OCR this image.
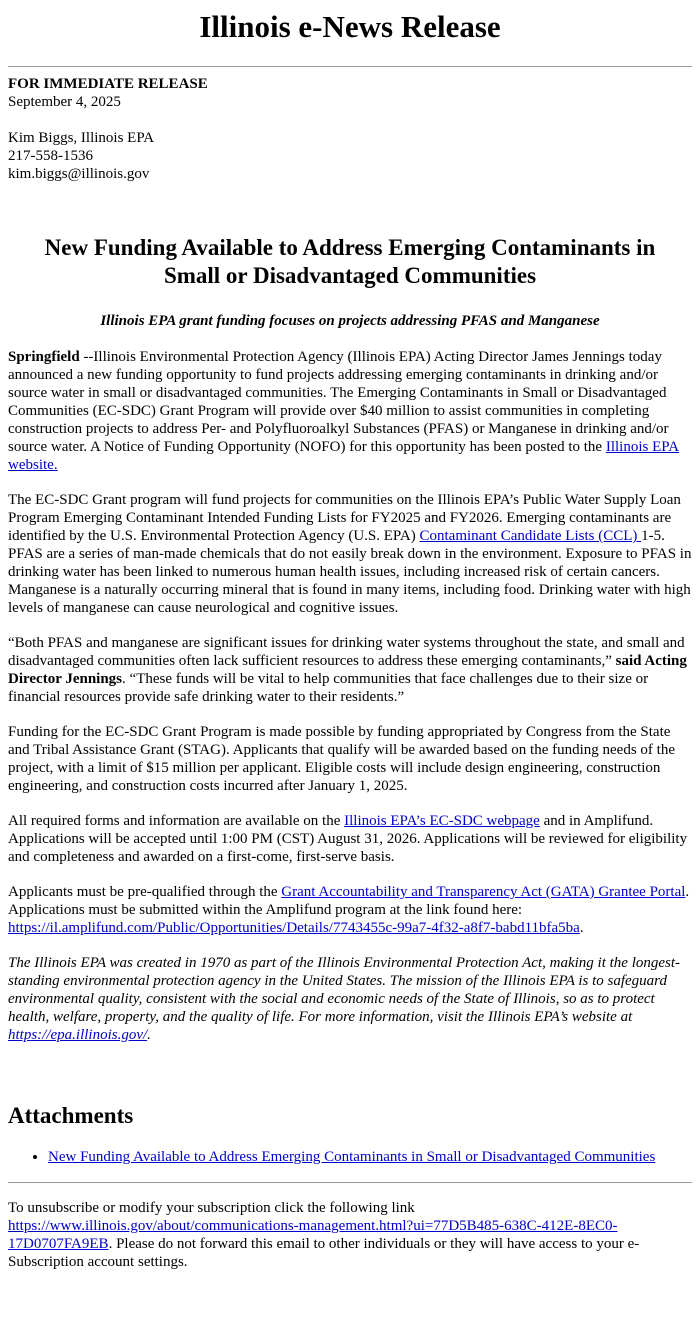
Illinois e-News Release
FOR IMMEDIATE RELEASE
September 4, 2025
Kim Biggs, Illinois EPA
217-558-1536
kim.biggs@illinois.gov
New Funding Available to Address Emerging Contaminants in Small or Disadvantaged Communities

Illinois EPA grant funding focuses on projects addressing PFAS and Manganese

Springfield --Illinois Environmental Protection Agency (Illinois EPA) Acting Director James Jennings today announced a new funding opportunity to fund projects addressing emerging contaminants in drinking and/or source water in small or disadvantaged communities. The Emerging Contaminants in Small or Disadvantaged Communities (EC-SDC) Grant Program will provide over $40 million to assist communities in completing construction projects to address Per- and Polyfluoroalkyl Substances (PFAS) or Manganese in drinking and/or source water. A Notice of Funding Opportunity (NOFO) for this opportunity has been posted to the Illinois EPA website.

The EC-SDC Grant program will fund projects for communities on the Illinois EPA’s Public Water Supply Loan Program Emerging Contaminant Intended Funding Lists for FY2025 and FY2026. Emerging contaminants are identified by the U.S. Environmental Protection Agency (U.S. EPA) Contaminant Candidate Lists (CCL) 1-5. PFAS are a series of man-made chemicals that do not easily break down in the environment. Exposure to PFAS in drinking water has been linked to numerous human health issues, including increased risk of certain cancers. Manganese is a naturally occurring mineral that is found in many items, including food. Drinking water with high levels of manganese can cause neurological and cognitive issues.

“Both PFAS and manganese are significant issues for drinking water systems throughout the state, and small and disadvantaged communities often lack sufficient resources to address these emerging contaminants,” said Acting Director Jennings. “These funds will be vital to help communities that face challenges due to their size or financial resources provide safe drinking water to their residents.”

Funding for the EC-SDC Grant Program is made possible by funding appropriated by Congress from the State and Tribal Assistance Grant (STAG). Applicants that qualify will be awarded based on the funding needs of the project, with a limit of $15 million per applicant. Eligible costs will include design engineering, construction engineering, and construction costs incurred after January 1, 2025.

All required forms and information are available on the Illinois EPA’s EC-SDC webpage and in Amplifund. Applications will be accepted until 1:00 PM (CST) August 31, 2026. Applications will be reviewed for eligibility and completeness and awarded on a first-come, first-serve basis.

Applicants must be pre-qualified through the Grant Accountability and Transparency Act (GATA) Grantee Portal. Applications must be submitted within the Amplifund program at the link found here: https://il.amplifund.com/Public/Opportunities/Details/7743455c-99a7-4f32-a8f7-babd11bfa5ba.

The Illinois EPA was created in 1970 as part of the Illinois Environmental Protection Act, making it the longest-standing environmental protection agency in the United States. The mission of the Illinois EPA is to safeguard environmental quality, consistent with the social and economic needs of the State of Illinois, so as to protect health, welfare, property, and the quality of life. For more information, visit the Illinois EPA’s website at https://epa.illinois.gov/.

Attachments
• New Funding Available to Address Emerging Contaminants in Small or Disadvantaged Communities

To unsubscribe or modify your subscription click the following link https://www.illinois.gov/about/communications-management.html?ui=77D5B485-638C-412E-8EC0-17D0707FA9EB. Please do not forward this email to other individuals or they will have access to your e-Subscription account settings.
